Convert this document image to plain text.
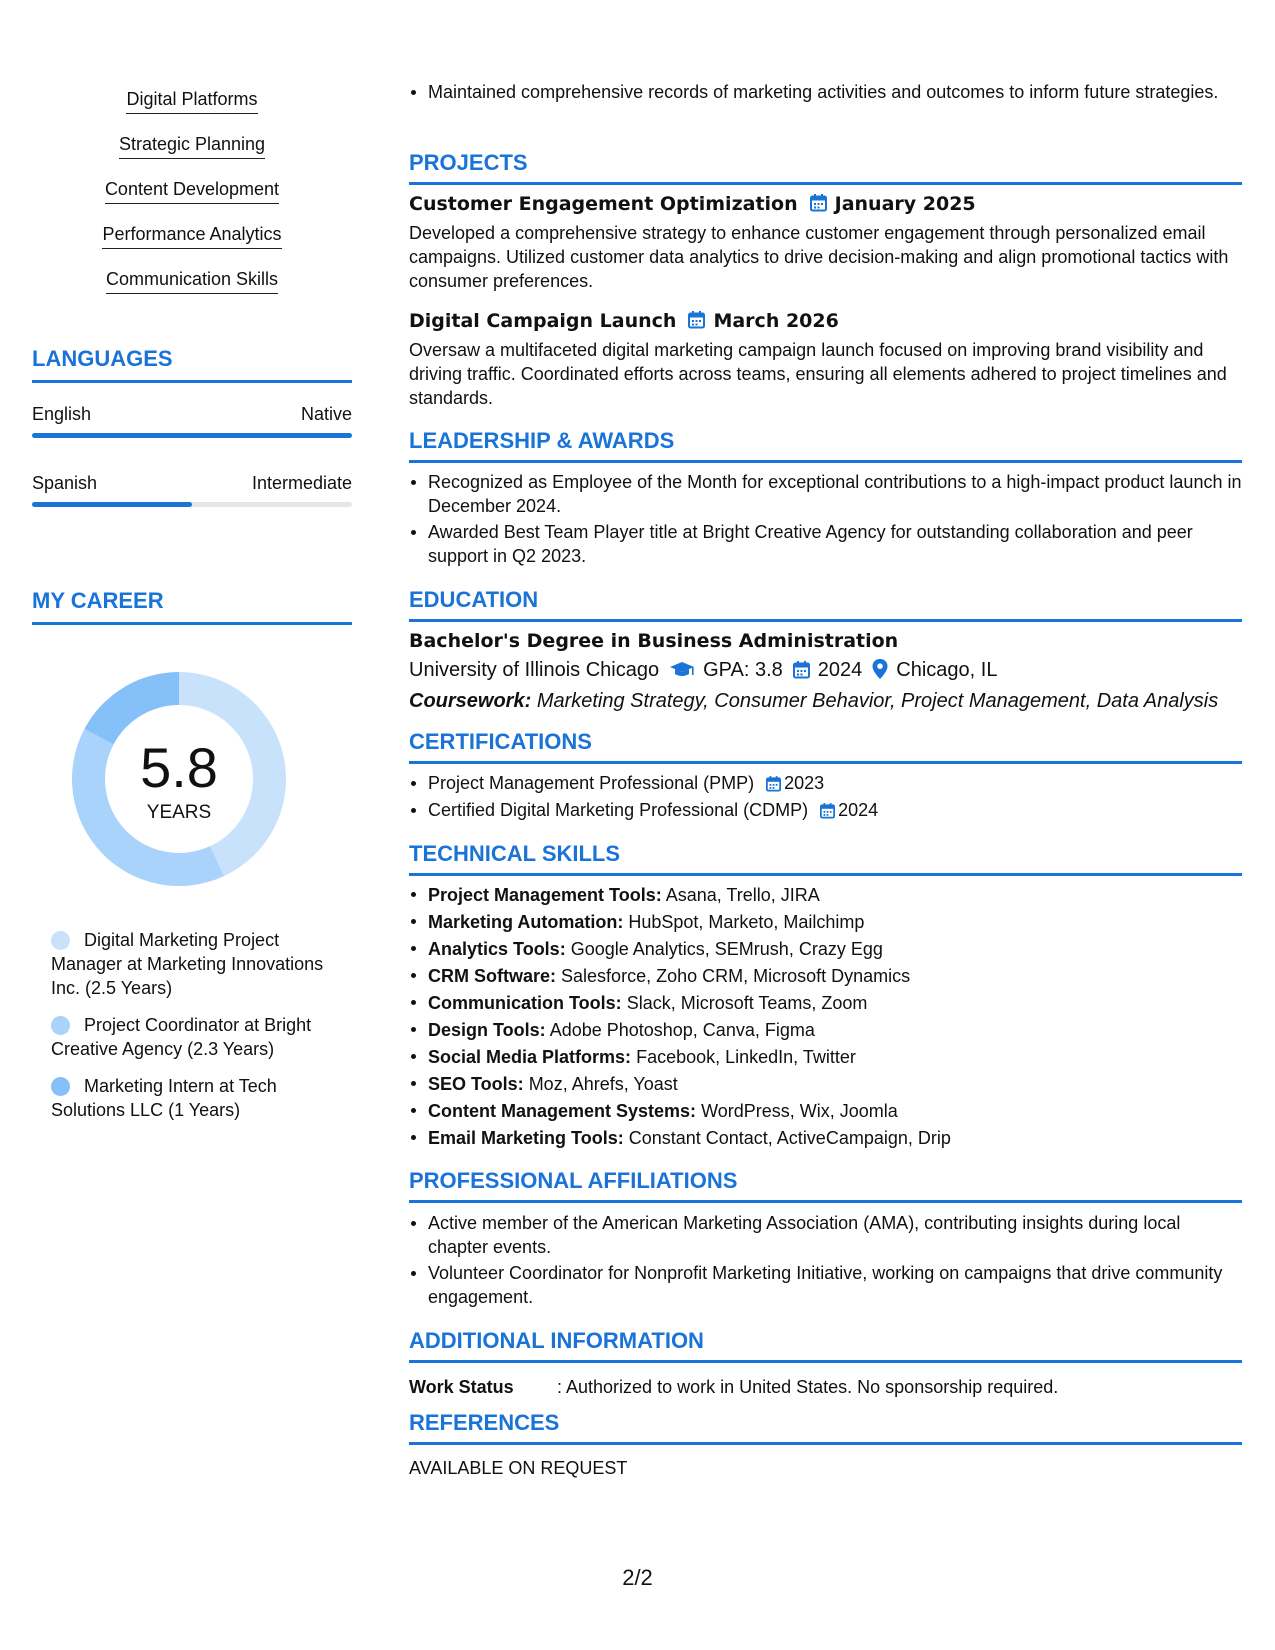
Digital Platforms
Strategic Planning
Content Development
Performance Analytics
Communication Skills
LANGUAGES
English	Native
Spanish	Intermediate
MY CAREER
5.8
YEARS
Digital Marketing Project Manager at Marketing Innovations Inc. (2.5 Years)
Project Coordinator at Bright Creative Agency (2.3 Years)
Marketing Intern at Tech Solutions LLC (1 Years)
Maintained comprehensive records of marketing activities and outcomes to inform future strategies.
PROJECTS
Customer Engagement Optimization January 2025
Developed a comprehensive strategy to enhance customer engagement through personalized email campaigns. Utilized customer data analytics to drive decision-making and align promotional tactics with consumer preferences.
Digital Campaign Launch March 2026
Oversaw a multifaceted digital marketing campaign launch focused on improving brand visibility and driving traffic. Coordinated efforts across teams, ensuring all elements adhered to project timelines and standards.
LEADERSHIP & AWARDS
Recognized as Employee of the Month for exceptional contributions to a high-impact product launch in December 2024.
Awarded Best Team Player title at Bright Creative Agency for outstanding collaboration and peer support in Q2 2023.
EDUCATION
Bachelor's Degree in Business Administration
University of Illinois Chicago GPA: 3.8 2024 Chicago, IL
Coursework: Marketing Strategy, Consumer Behavior, Project Management, Data Analysis
CERTIFICATIONS
Project Management Professional (PMP) 2023
Certified Digital Marketing Professional (CDMP) 2024
TECHNICAL SKILLS
Project Management Tools: Asana, Trello, JIRA
Marketing Automation: HubSpot, Marketo, Mailchimp
Analytics Tools: Google Analytics, SEMrush, Crazy Egg
CRM Software: Salesforce, Zoho CRM, Microsoft Dynamics
Communication Tools: Slack, Microsoft Teams, Zoom
Design Tools: Adobe Photoshop, Canva, Figma
Social Media Platforms: Facebook, LinkedIn, Twitter
SEO Tools: Moz, Ahrefs, Yoast
Content Management Systems: WordPress, Wix, Joomla
Email Marketing Tools: Constant Contact, ActiveCampaign, Drip
PROFESSIONAL AFFILIATIONS
Active member of the American Marketing Association (AMA), contributing insights during local chapter events.
Volunteer Coordinator for Nonprofit Marketing Initiative, working on campaigns that drive community engagement.
ADDITIONAL INFORMATION
Work Status : Authorized to work in United States. No sponsorship required.
REFERENCES
AVAILABLE ON REQUEST
2/2
